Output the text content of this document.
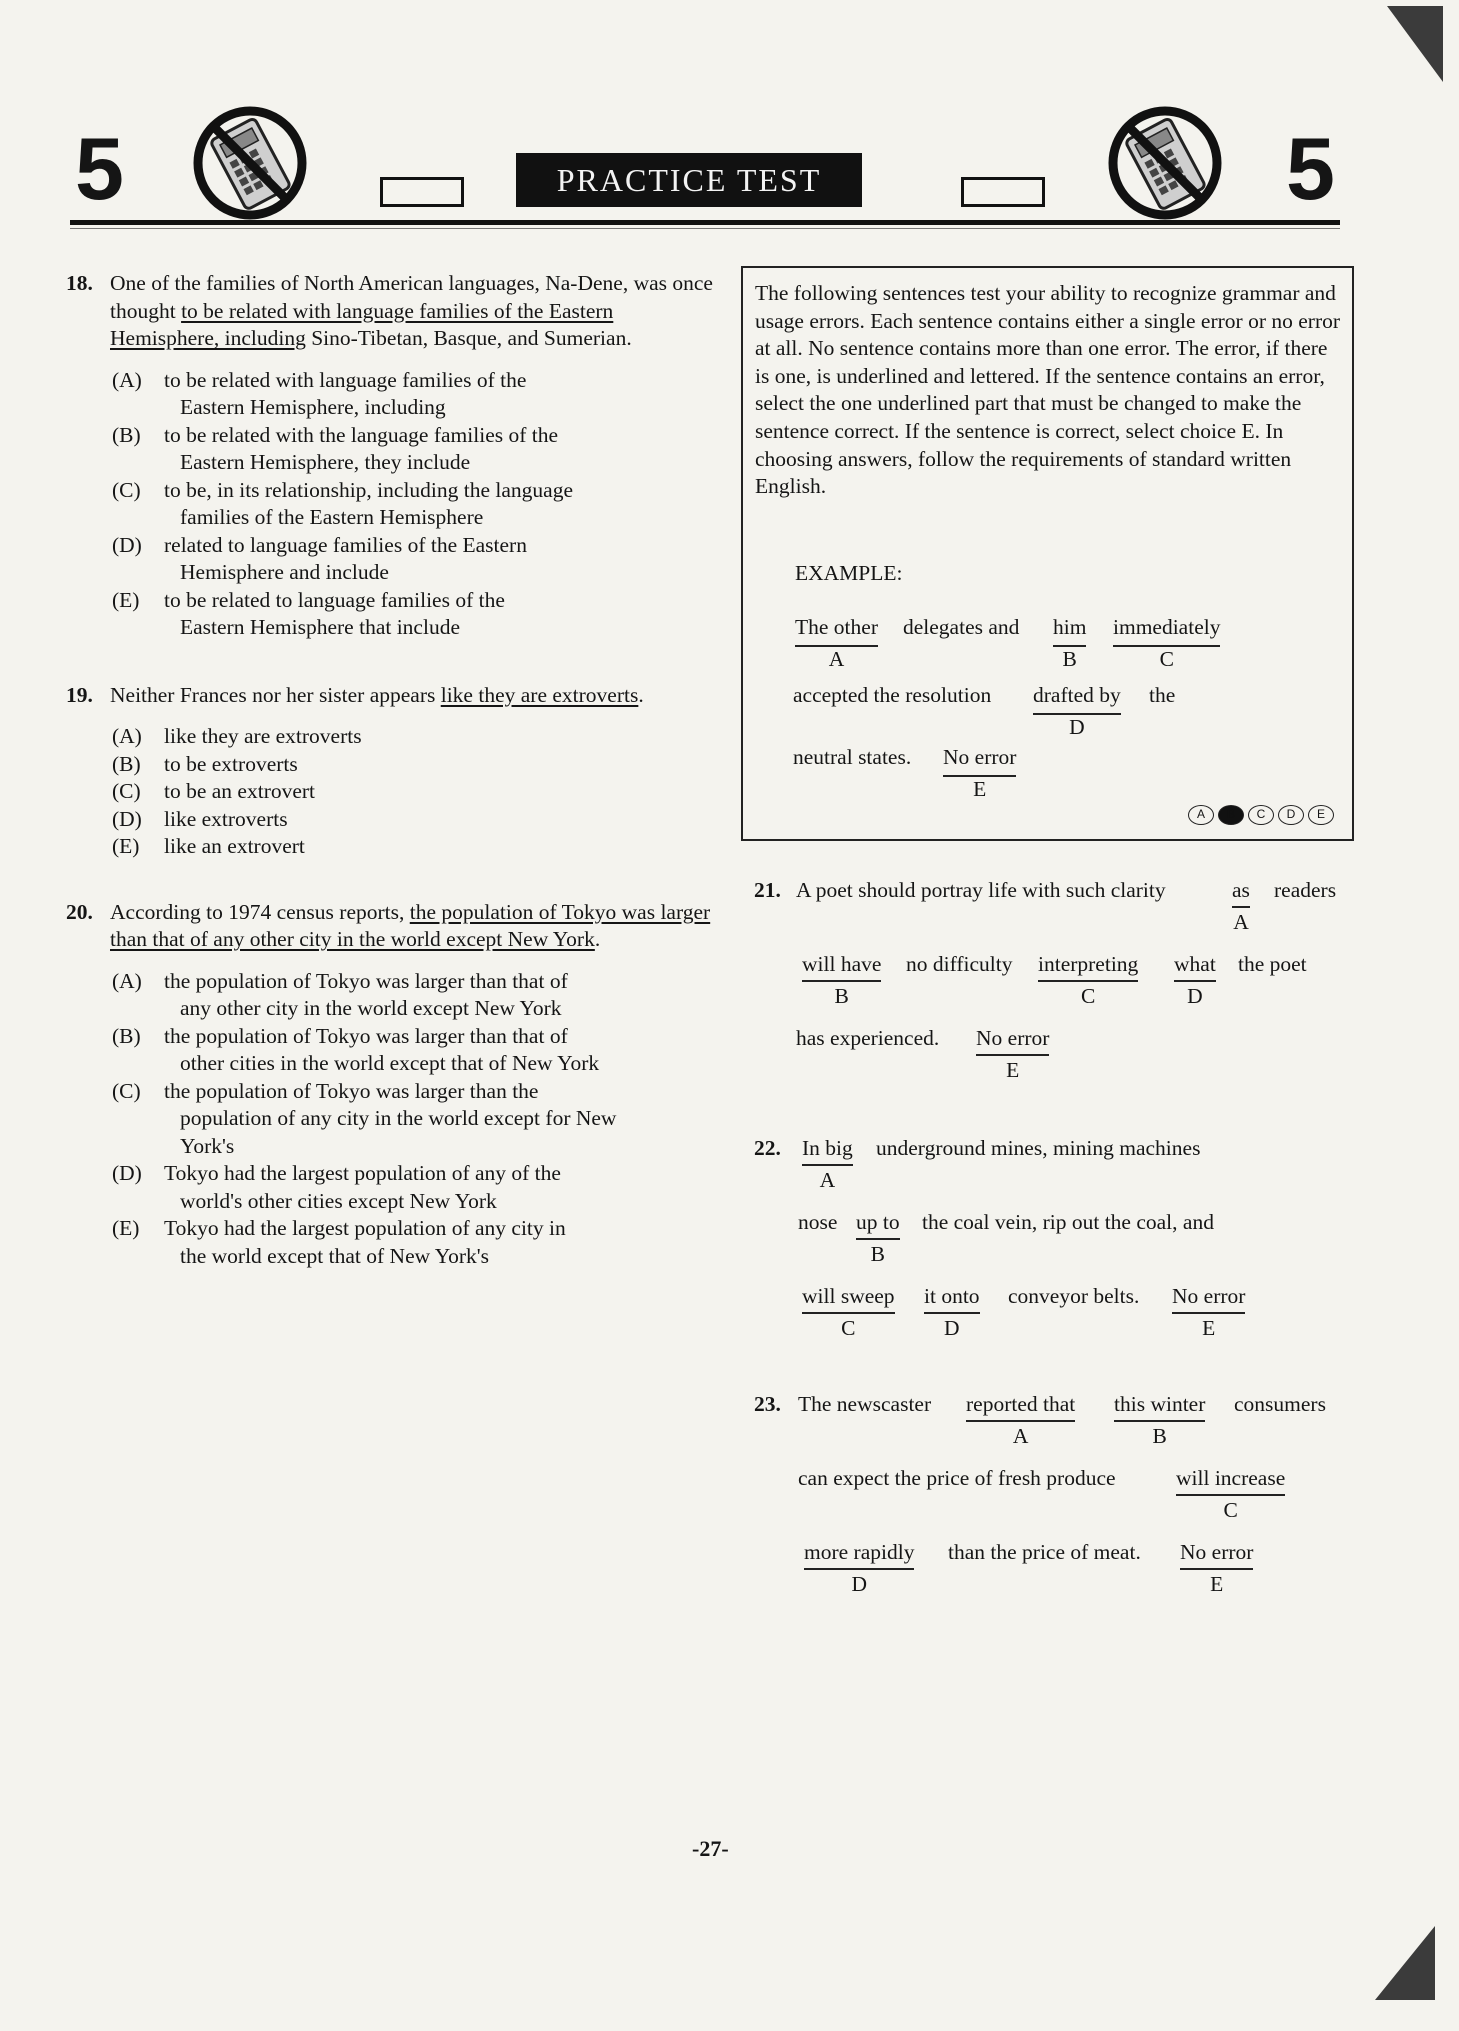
5	PRACTICE TEST	5
18. One of the families of North American languages, Na-Dene, was once thought to be related with language families of the Eastern Hemisphere, including Sino-Tibetan, Basque, and Sumerian.
(A) to be related with language families of the
Eastern Hemisphere, including
(B) to be related with the language families of the
Eastern Hemisphere, they include
(C) to be, in its relationship, including the language
families of the Eastern Hemisphere
(D) related to language families of the Eastern
Hemisphere and include
(E) to be related to language families of the
Eastern Hemisphere that include
19. Neither Frances nor her sister appears like they are extroverts.
(A) like they are extroverts
(B) to be extroverts
(C) to be an extrovert
(D) like extroverts
(E) like an extrovert
20. According to 1974 census reports, the population of Tokyo was larger than that of any other city in the world except New York.
(A) the population of Tokyo was larger than that of
any other city in the world except New York
(B) the population of Tokyo was larger than that of
other cities in the world except that of New York
(C) the population of Tokyo was larger than the
population of any city in the world except for New York's
(D) Tokyo had the largest population of any of the
world's other cities except New York
(E) Tokyo had the largest population of any city in
the world except that of New York's
The following sentences test your ability to recognize grammar and usage errors. Each sentence contains either a single error or no error at all. No sentence contains more than one error. The error, if there is one, is underlined and lettered. If the sentence contains an error, select the one underlined part that must be changed to make the sentence correct. If the sentence is correct, select choice E. In choosing answers, follow the requirements of standard written English.
EXAMPLE:
The other
A
delegates and him
B
immediately
C
accepted the resolution drafted by
D
the
neutral states. No error
E
A	B	C	D	E
21. A poet should portray life with such clarity	as
A
readers
will have
B
no difficulty interpreting
C
what
D
the poet
has experienced. No error
E
22. In big
A
underground mines, mining machines
nose up to
B
the coal vein, rip out the coal, and
will sweep
C
it onto
D
conveyor belts. No error
E
23. The newscaster reported that
A
this winter
B
consumers
can expect the price of fresh produce	will increase
C
more rapidly
D
than the price of meat. No error
E
-27-
